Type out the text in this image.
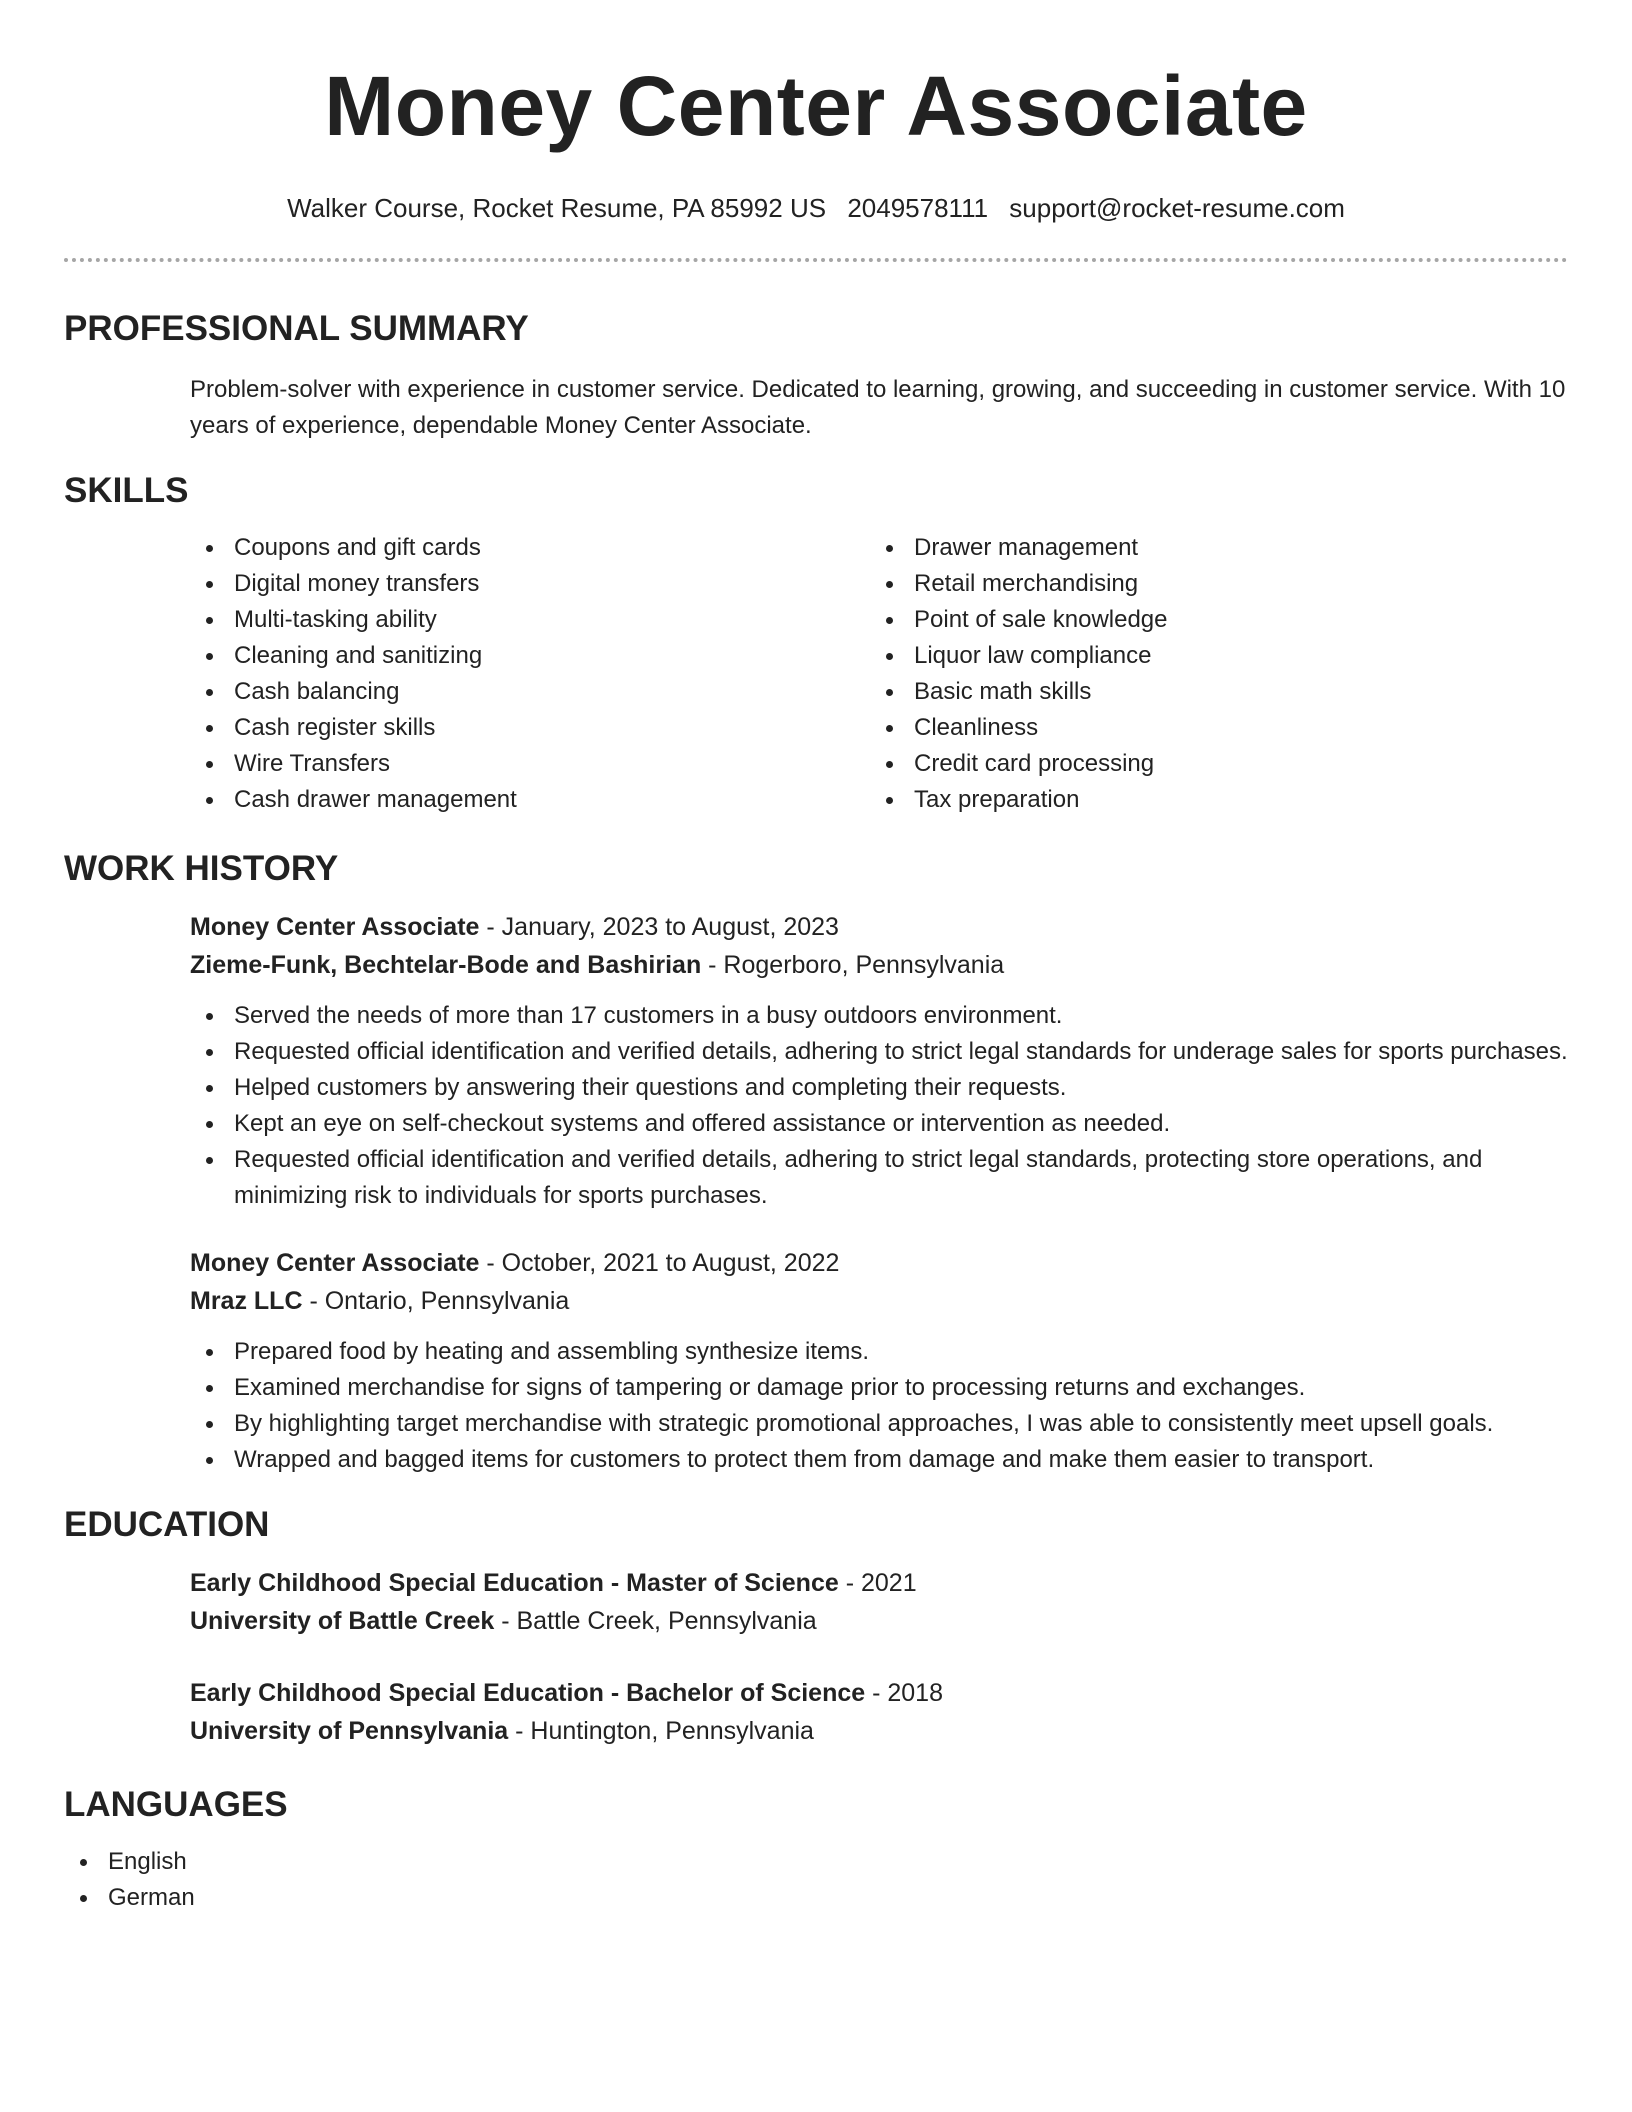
Money Center Associate
Walker Course, Rocket Resume, PA 85992 US 2049578111 support@rocket-resume.com
PROFESSIONAL SUMMARY

Problem-solver with experience in customer service. Dedicated to learning, growing, and succeeding in customer service. With 10 years of experience, dependable Money Center Associate.

SKILLS
Coupons and gift cards
Digital money transfers
Multi-tasking ability
Cleaning and sanitizing
Cash balancing
Cash register skills
Wire Transfers
Cash drawer management
Drawer management
Retail merchandising
Point of sale knowledge
Liquor law compliance
Basic math skills
Cleanliness
Credit card processing
Tax preparation
WORK HISTORY
Money Center Associate - January, 2023 to August, 2023
Zieme-Funk, Bechtelar-Bode and Bashirian - Rogerboro, Pennsylvania
Served the needs of more than 17 customers in a busy outdoors environment.
Requested official identification and verified details, adhering to strict legal standards for underage sales for sports purchases.
Helped customers by answering their questions and completing their requests.
Kept an eye on self-checkout systems and offered assistance or intervention as needed.
Requested official identification and verified details, adhering to strict legal standards, protecting store operations, and minimizing risk to individuals for sports purchases.
Money Center Associate - October, 2021 to August, 2022
Mraz LLC - Ontario, Pennsylvania
Prepared food by heating and assembling synthesize items.
Examined merchandise for signs of tampering or damage prior to processing returns and exchanges.
By highlighting target merchandise with strategic promotional approaches, I was able to consistently meet upsell goals.
Wrapped and bagged items for customers to protect them from damage and make them easier to transport.
EDUCATION
Early Childhood Special Education - Master of Science - 2021
University of Battle Creek - Battle Creek, Pennsylvania
Early Childhood Special Education - Bachelor of Science - 2018
University of Pennsylvania - Huntington, Pennsylvania
LANGUAGES
English
German
